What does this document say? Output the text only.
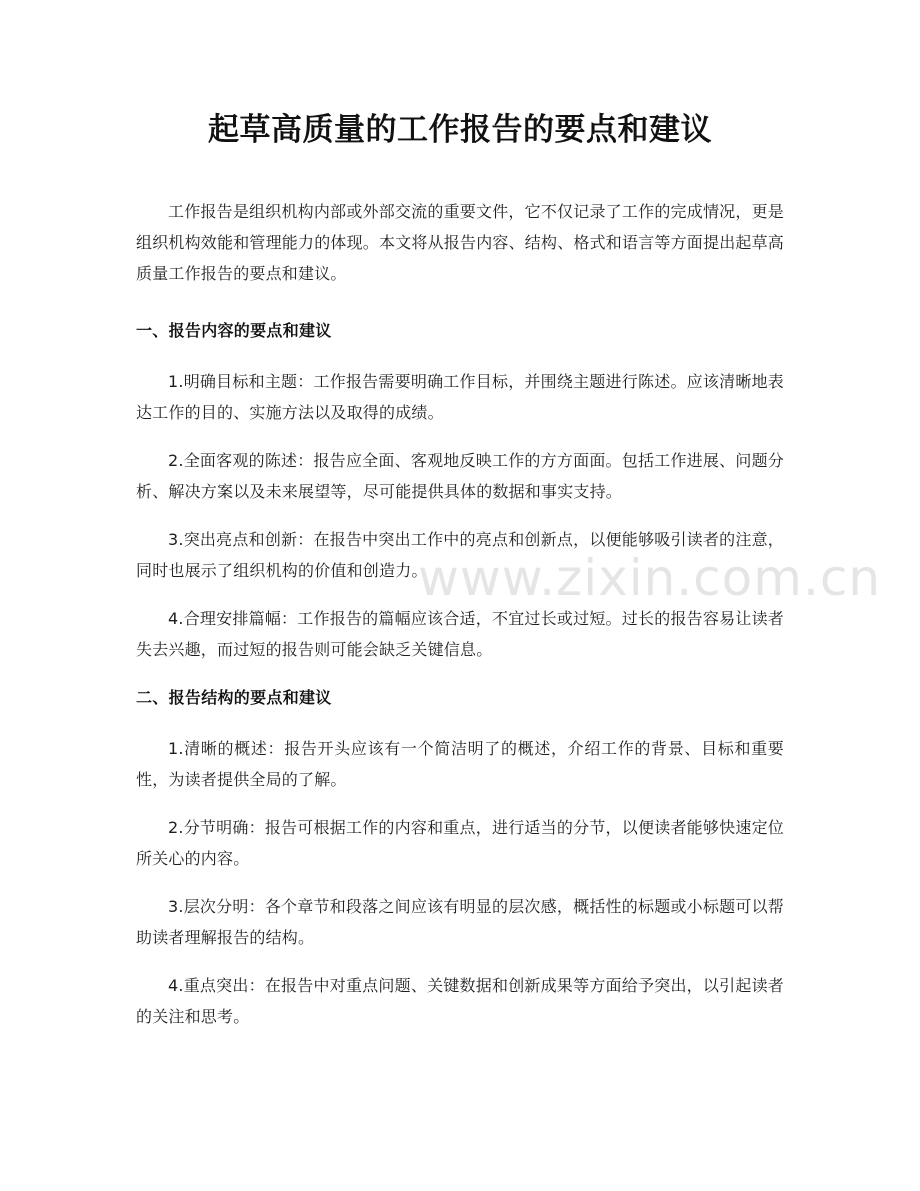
起草高质量的工作报告的要点和建议

工作报告是组织机构内部或外部交流的重要文件，它不仅记录了工作的完成情况，更是组织机构效能和管理能力的体现。本文将从报告内容、结构、格式和语言等方面提出起草高质量工作报告的要点和建议。

一、报告内容的要点和建议

1.明确目标和主题：工作报告需要明确工作目标，并围绕主题进行陈述。应该清晰地表达工作的目的、实施方法以及取得的成绩。

2.全面客观的陈述：报告应全面、客观地反映工作的方方面面。包括工作进展、问题分析、解决方案以及未来展望等，尽可能提供具体的数据和事实支持。

3.突出亮点和创新：在报告中突出工作中的亮点和创新点，以便能够吸引读者的注意，同时也展示了组织机构的价值和创造力。

4.合理安排篇幅：工作报告的篇幅应该合适，不宜过长或过短。过长的报告容易让读者失去兴趣，而过短的报告则可能会缺乏关键信息。

二、报告结构的要点和建议

1.清晰的概述：报告开头应该有一个简洁明了的概述，介绍工作的背景、目标和重要性，为读者提供全局的了解。

2.分节明确：报告可根据工作的内容和重点，进行适当的分节，以便读者能够快速定位所关心的内容。

3.层次分明：各个章节和段落之间应该有明显的层次感，概括性的标题或小标题可以帮助读者理解报告的结构。

4.重点突出：在报告中对重点问题、关键数据和创新成果等方面给予突出，以引起读者的关注和思考。

www.zixin.com.cn
